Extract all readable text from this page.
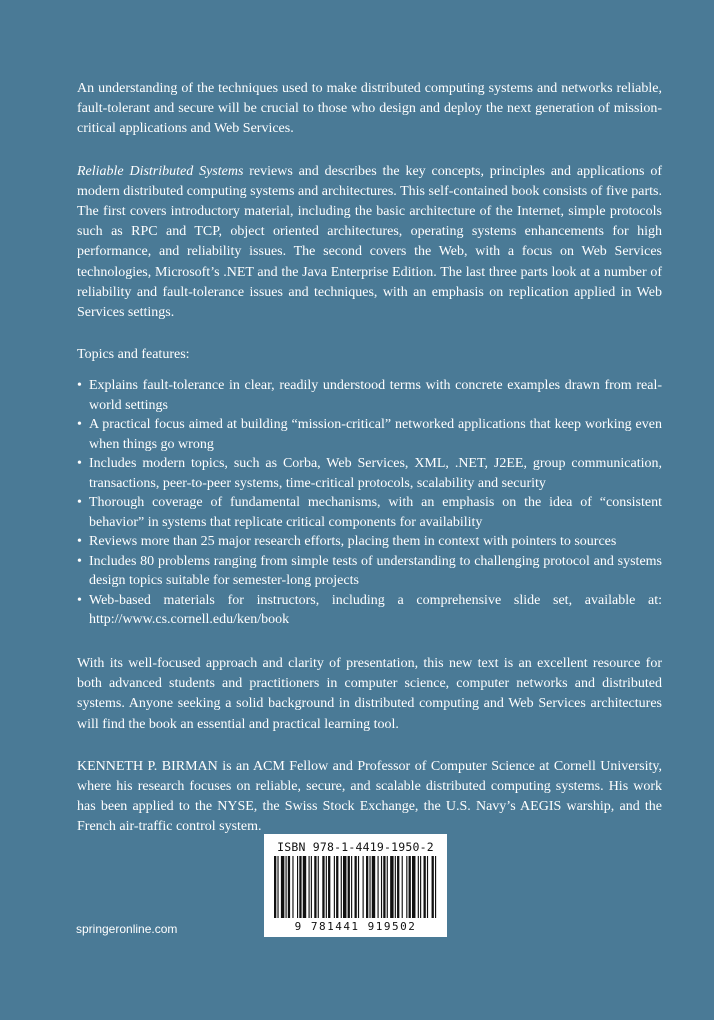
An understanding of the techniques used to make distributed computing systems and networks reliable, fault-tolerant and secure will be crucial to those who design and deploy the next generation of mission-critical applications and Web Services.

Reliable Distributed Systems reviews and describes the key concepts, principles and applications of modern distributed computing systems and architectures. This self-contained book consists of five parts. The first covers introductory material, including the basic architecture of the Internet, simple protocols such as RPC and TCP, object oriented architectures, operating systems enhancements for high performance, and reliability issues. The second covers the Web, with a focus on Web Services technologies, Microsoft’s .NET and the Java Enterprise Edition. The last three parts look at a number of reliability and fault-tolerance issues and techniques, with an emphasis on replication applied in Web Services settings.

Topics and features:

• Explains fault-tolerance in clear, readily understood terms with concrete examples drawn from real-world settings
• A practical focus aimed at building “mission-critical” networked applications that keep working even when things go wrong
• Includes modern topics, such as Corba, Web Services, XML, .NET, J2EE, group communication, transactions, peer-to-peer systems, time-critical protocols, scalability and security
• Thorough coverage of fundamental mechanisms, with an emphasis on the idea of “consistent behavior” in systems that replicate critical components for availability
• Reviews more than 25 major research efforts, placing them in context with pointers to sources
• Includes 80 problems ranging from simple tests of understanding to challenging protocol and systems design topics suitable for semester-long projects
• Web-based materials for instructors, including a comprehensive slide set, available at: http://www.cs.cornell.edu/ken/book

With its well-focused approach and clarity of presentation, this new text is an excellent resource for both advanced students and practitioners in computer science, computer networks and distributed systems. Anyone seeking a solid background in distributed computing and Web Services architectures will find the book an essential and practical learning tool.

KENNETH P. BIRMAN is an ACM Fellow and Professor of Computer Science at Cornell University, where his research focuses on reliable, secure, and scalable distributed computing systems. His work has been applied to the NYSE, the Swiss Stock Exchange, the U.S. Navy’s AEGIS warship, and the French air-traffic control system.

ISBN 978-1-4419-1950-2
9 781441 919502
springeronline.com
